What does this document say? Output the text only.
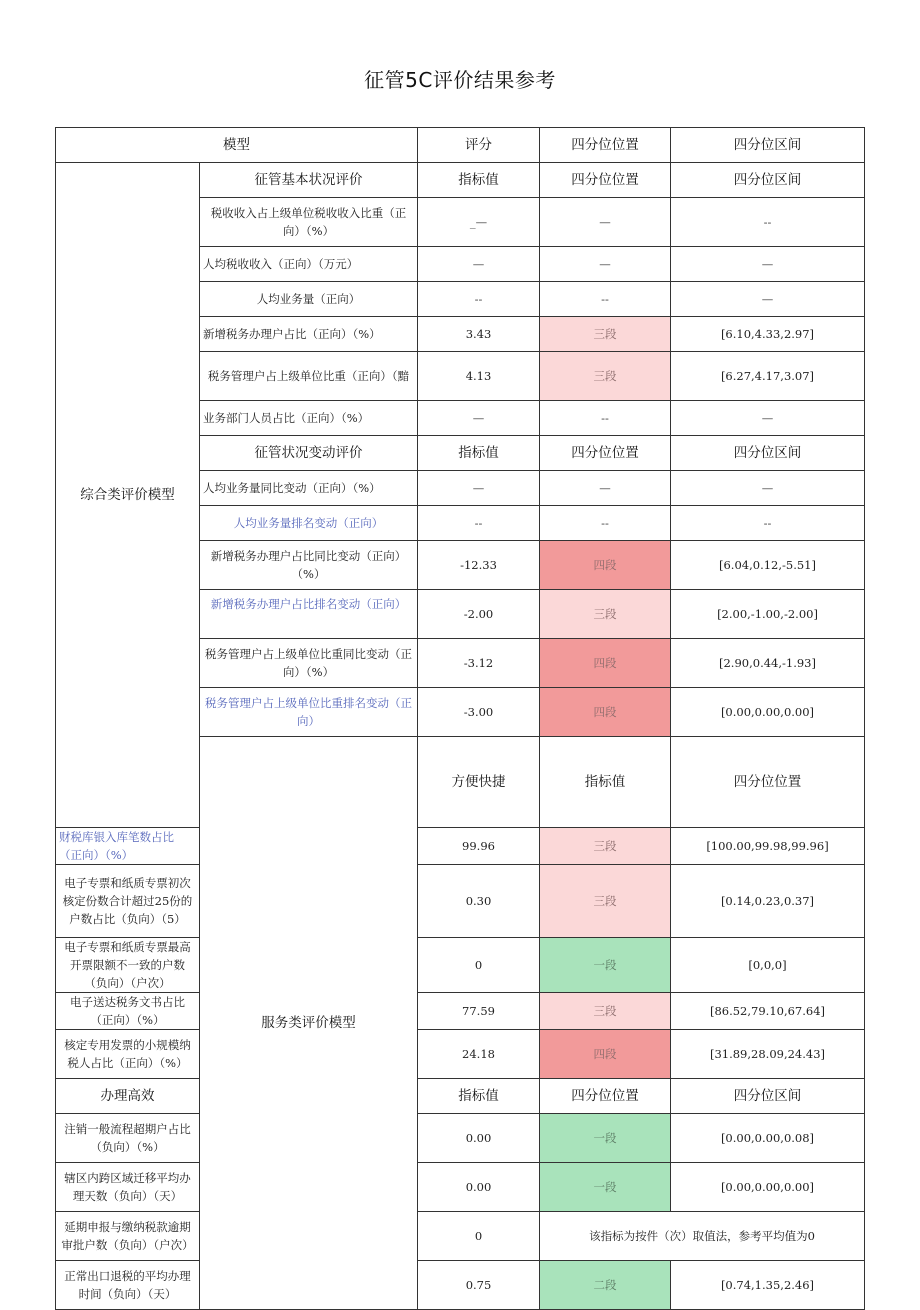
征管5C评价结果参考
模型		评分	四分位位置	四分位区间	
综合类评价模型	征管基本状况评价	指标值	四分位位置	四分位区间	
	税收收入占上级单位税收收入比重（正向）（%）	_—	—	--	
	人均税收收入（正向）（万元）	—	—	—	
	人均业务量（正向）	--	--	—	
	新增税务办理户占比（正向）（%）	3.43	三段	[6.10,4.33,2.97]	
	税务管理户占上级单位比重（正向）（黯	4.13	三段	[6.27,4.17,3.07]	
	业务部门人员占比（正向）（%）	—	--	—	
	征管状况变动评价	指标值	四分位位置	四分位区间	
	人均业务量同比变动（正向）（%）	—	—	—	
	人均业务量排名变动（正向）	--	--	--	
	新增税务办理户占比同比变动（正向）（%）	-12.33	四段	[6.04,0.12,-5.51]	
	新增税务办理户占比排名变动（正向）	-2.00	三段	[2.00,-1.00,-2.00]	
	税务管理户占上级单位比重同比变动（正向）（%）	-3.12	四段	[2.90,0.44,-1.93]	
	税务管理户占上级单位比重排名变动（正向）	-3.00	四段	[0.00,0.00,0.00]	
	服务类评价模型	方便快捷	指标值	四分位位置	
财税库银入库笔数占比（正向）（%）		99.96	三段	[100.00,99.98,99.96]	
电子专票和纸质专票初次核定份数合计超过25份的户数占比（负向）（5）		0.30	三段	[0.14,0.23,0.37]	
电子专票和纸质专票最高开票限额不一致的户数（负向）（户次）		0	一段	[0,0,0]	
电子送达税务文书占比（正向）（%）		77.59	三段	[86.52,79.10,67.64]	
核定专用发票的小规模纳税人占比（正向）（%）		24.18	四段	[31.89,28.09,24.43]	
办理高效		指标值	四分位位置	四分位区间	
注销一般流程超期户占比（负向）（%）		0.00	一段	[0.00,0.00,0.08]	
辖区内跨区域迁移平均办理天数（负向）（天）		0.00	一段	[0.00,0.00,0.00]	
延期申报与缴纳税款逾期审批户数（负向）（户次）		0	该指标为按件（次）取值法，参考平均值为0		
正常出口退税的平均办理时间（负向）（天）		0.75	二段	[0.74,1.35,2.46]	
